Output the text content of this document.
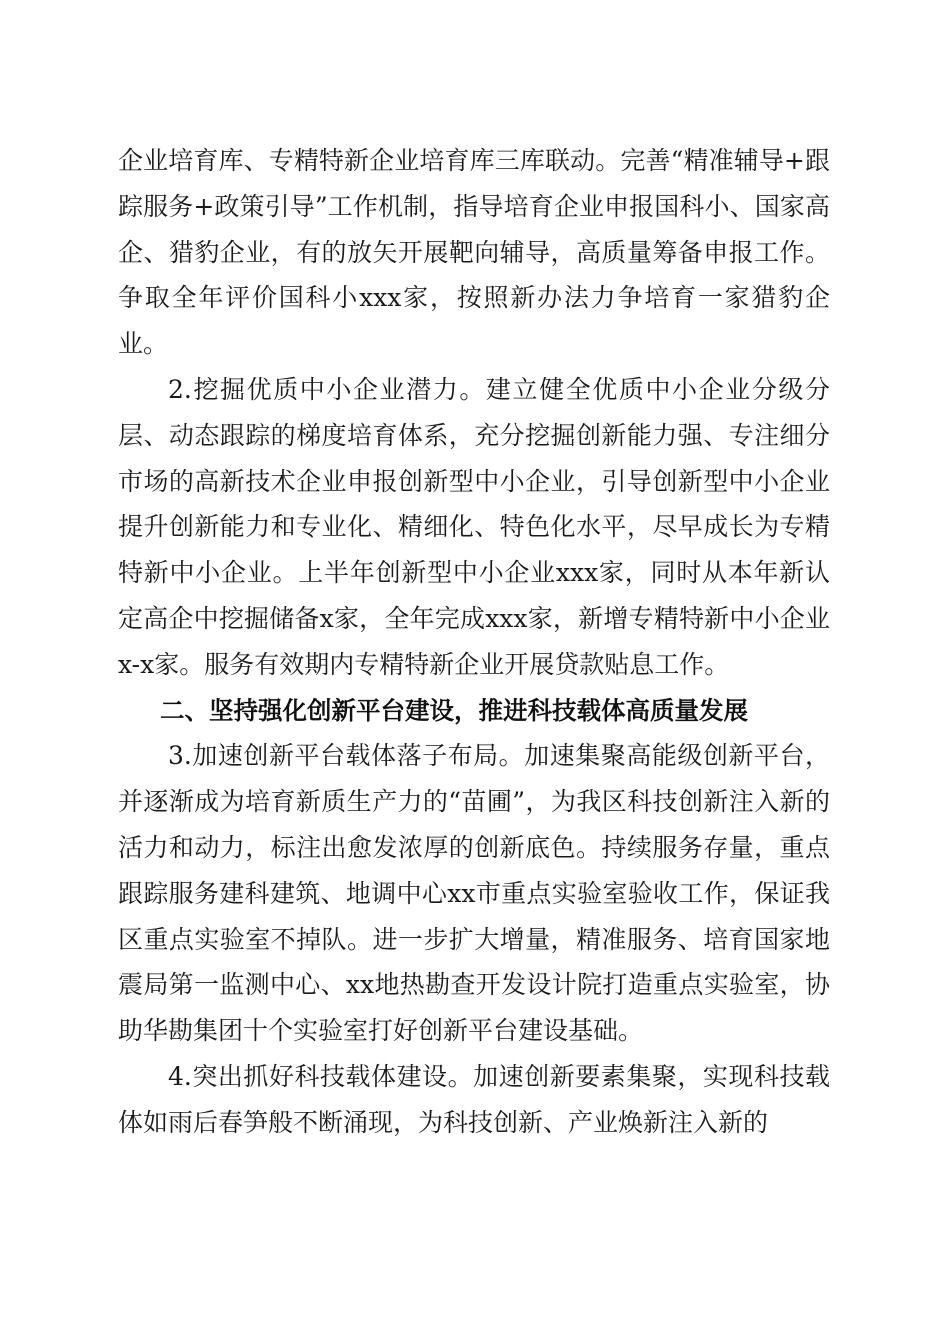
企业培育库、专精特新企业培育库三库联动。完善“精准辅导+跟踪服务+政策引导”工作机制，指导培育企业申报国科小、国家高企、猎豹企业，有的放矢开展靶向辅导，高质量筹备申报工作。争取全年评价国科小xxx家，按照新办法力争培育一家猎豹企业。

2.挖掘优质中小企业潜力。建立健全优质中小企业分级分层、动态跟踪的梯度培育体系，充分挖掘创新能力强、专注细分市场的高新技术企业申报创新型中小企业，引导创新型中小企业提升创新能力和专业化、精细化、特色化水平，尽早成长为专精特新中小企业。上半年创新型中小企业xxx家，同时从本年新认定高企中挖掘储备x家，全年完成xxx家，新增专精特新中小企业x-x家。服务有效期内专精特新企业开展贷款贴息工作。

二、坚持强化创新平台建设，推进科技载体高质量发展

3.加速创新平台载体落子布局。加速集聚高能级创新平台，并逐渐成为培育新质生产力的“苗圃”，为我区科技创新注入新的活力和动力，标注出愈发浓厚的创新底色。持续服务存量，重点跟踪服务建科建筑、地调中心xx市重点实验室验收工作，保证我区重点实验室不掉队。进一步扩大增量，精准服务、培育国家地震局第一监测中心、xx地热勘查开发设计院打造重点实验室，协助华勘集团十个实验室打好创新平台建设基础。

4.突出抓好科技载体建设。加速创新要素集聚，实现科技载体如雨后春笋般不断涌现，为科技创新、产业焕新注入新的
